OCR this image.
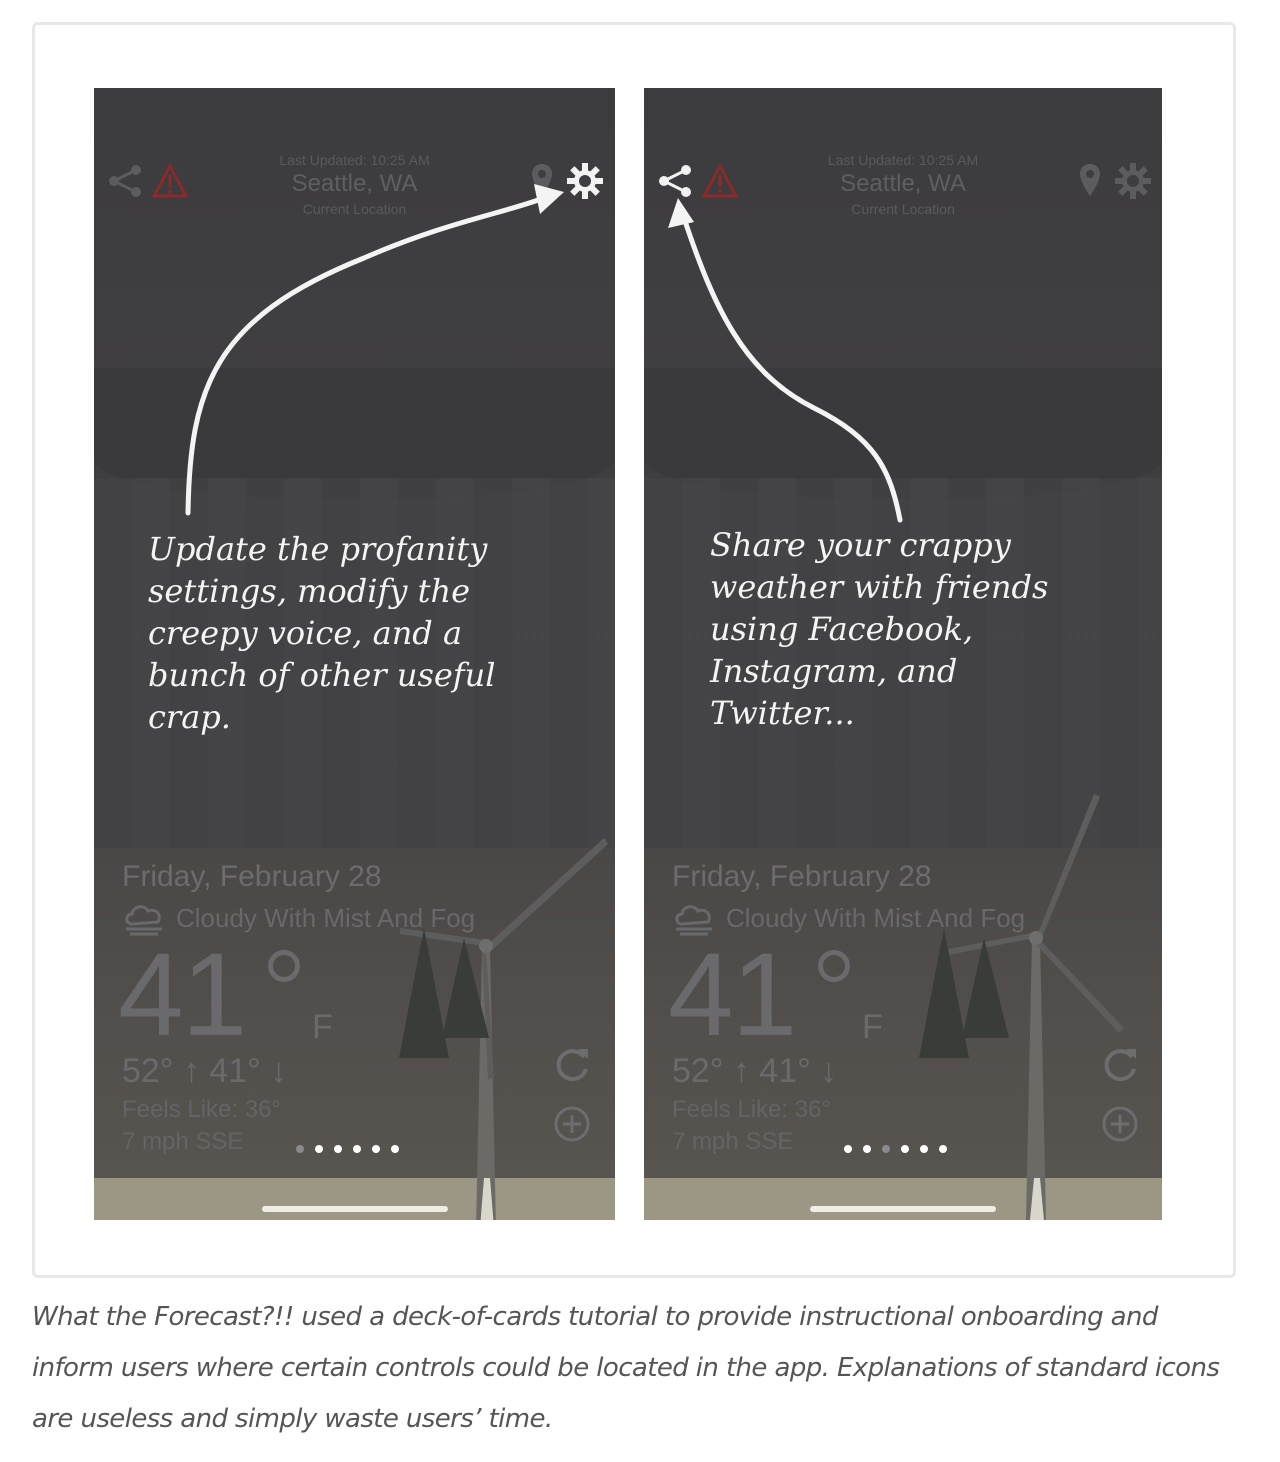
Last Updated: 10:25 AM
Seattle, WA
Current Location
Update the profanity
settings, modify the
creepy voice, and a
bunch of other useful
crap.
Friday, February 28
Cloudy With Mist And Fog
41 F
52° ↑ 41° ↓
Feels Like: 36°
7 mph SSE
Last Updated: 10:25 AM
Seattle, WA
Current Location
Share your crappy
weather with friends
using Facebook,
Instagram, and
Twitter...
Friday, February 28
Cloudy With Mist And Fog
41 F
52° ↑ 41° ↓
Feels Like: 36°
7 mph SSE

What the Forecast?!! used a deck-of-cards tutorial to provide instructional onboarding and inform users where certain controls could be located in the app. Explanations of standard icons are useless and simply waste users’ time.
